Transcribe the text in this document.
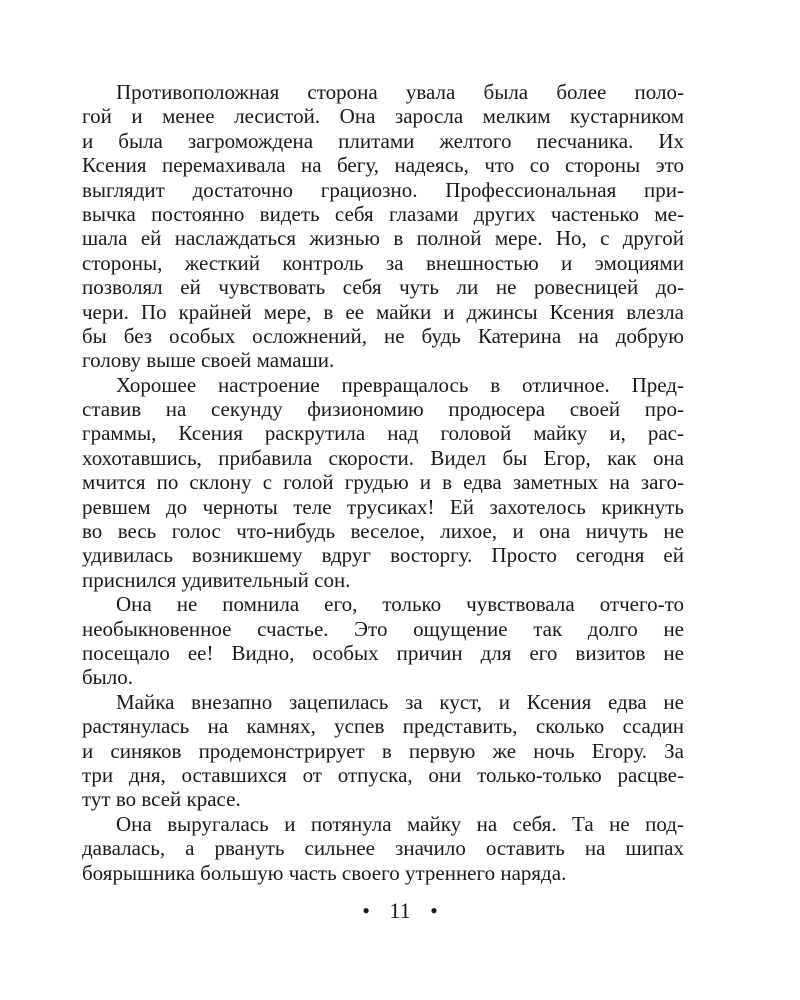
Противоположная сторона увала была более поло-
гой и менее лесистой. Она заросла мелким кустарником
и была загромождена плитами желтого песчаника. Их
Ксения перемахивала на бегу, надеясь, что со стороны это
выглядит достаточно грациозно. Профессиональная при-
вычка постоянно видеть себя глазами других частенько ме-
шала ей наслаждаться жизнью в полной мере. Но, с другой
стороны, жесткий контроль за внешностью и эмоциями
позволял ей чувствовать себя чуть ли не ровесницей до-
чери. По крайней мере, в ее майки и джинсы Ксения влезла
бы без особых осложнений, не будь Катерина на добрую
голову выше своей мамаши.
Хорошее настроение превращалось в отличное. Пред-
ставив на секунду физиономию продюсера своей про-
граммы, Ксения раскрутила над головой майку и, рас-
хохотавшись, прибавила скорости. Видел бы Егор, как она
мчится по склону с голой грудью и в едва заметных на заго-
ревшем до черноты теле трусиках! Ей захотелось крикнуть
во весь голос что-нибудь веселое, лихое, и она ничуть не
удивилась возникшему вдруг восторгу. Просто сегодня ей
приснился удивительный сон.
Она не помнила его, только чувствовала отчего-то
необыкновенное счастье. Это ощущение так долго не
посещало ее! Видно, особых причин для его визитов не
было.
Майка внезапно зацепилась за куст, и Ксения едва не
растянулась на камнях, успев представить, сколько ссадин
и синяков продемонстрирует в первую же ночь Егору. За
три дня, оставшихся от отпуска, они только-только расцве-
тут во всей красе.
Она выругалась и потянула майку на себя. Та не под-
давалась, а рвануть сильнее значило оставить на шипах
боярышника большую часть своего утреннего наряда.
• 11 •
